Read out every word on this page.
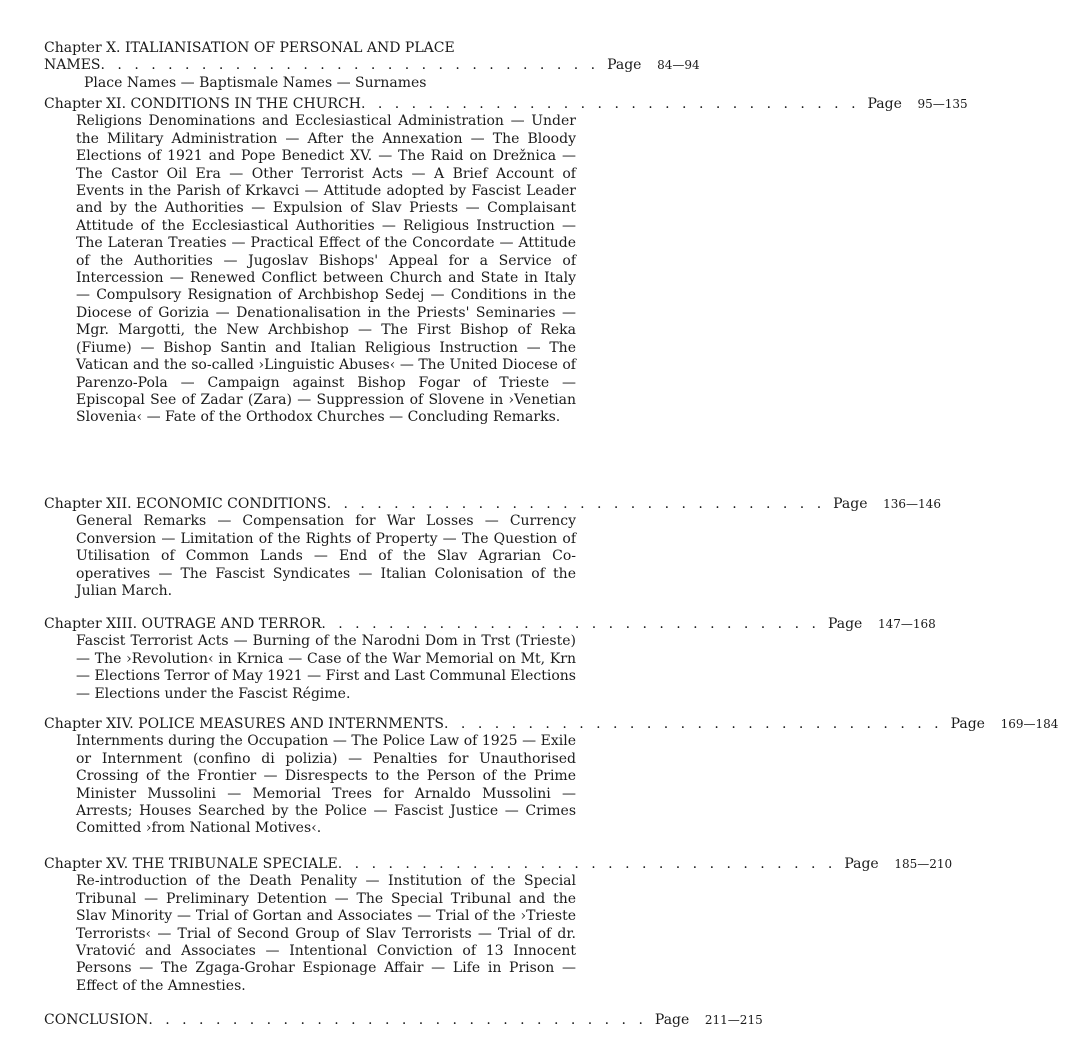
Chapter X. ITALIANISATION OF PERSONAL AND PLACE
NAMES . . . . . . . . . . . . . . . . . . . . . . . . . . . . . . Page 84—94
Place Names — Baptismale Names — Surnames
Chapter XI. CONDITIONS IN THE CHURCH . . . . . . . . . . . . . . . . . . . . . . . . . . . . . . Page 95—135
Religions Denominations and Ecclesiastical Administration — Under the Military Administration — After the Annexation — The Bloody Elections of 1921 and Pope Benedict XV. — The Raid on Drežnica — The Castor Oil Era — Other Terrorist Acts — A Brief Account of Events in the Parish of Krkavci — Attitude adopted by Fascist Leader and by the Authorities — Expulsion of Slav Priests — Complaisant Attitude of the Ecclesiastical Authorities — Religious Instruction — The Lateran Treaties — Practical Effect of the Concordate — Attitude of the Authorities — Jugoslav Bishops' Appeal for a Service of Intercession — Renewed Conflict between Church and State in Italy — Compulsory Resignation of Archbishop Sedej — Conditions in the Diocese of Gorizia — Denationalisation in the Priests' Seminaries — Mgr. Margotti, the New Archbishop — The First Bishop of Reka (Fiume) — Bishop Santin and Italian Religious Instruction — The Vatican and the so-called ›Linguistic Abuses‹ — The United Diocese of Parenzo-Pola — Campaign against Bishop Fogar of Trieste — Episcopal See of Zadar (Zara) — Suppression of Slovene in ›Venetian Slovenia‹ — Fate of the Orthodox Churches — Concluding Remarks.
Chapter XII. ECONOMIC CONDITIONS . . . . . . . . . . . . . . . . . . . . . . . . . . . . . . Page 136—146
General Remarks — Compensation for War Losses — Currency Conversion — Limitation of the Rights of Property — The Question of Utilisation of Common Lands — End of the Slav Agrarian Co-operatives — The Fascist Syndicates — Italian Colonisation of the Julian March.
Chapter XIII. OUTRAGE AND TERROR . . . . . . . . . . . . . . . . . . . . . . . . . . . . . . Page 147—168
Fascist Terrorist Acts — Burning of the Narodni Dom in Trst (Trieste) — The ›Revolution‹ in Krnica — Case of the War Memorial on Mt, Krn — Elections Terror of May 1921 — First and Last Communal Elections — Elections under the Fascist Régime.
Chapter XIV. POLICE MEASURES AND INTERNMENTS . . . . . . . . . . . . . . . . . . . . . . . . . . . . . . Page 169—184
Internments during the Occupation — The Police Law of 1925 — Exile or Internment (confino di polizia) — Penalties for Unauthorised Crossing of the Frontier — Disrespects to the Person of the Prime Minister Mussolini — Memorial Trees for Arnaldo Mussolini — Arrests; Houses Searched by the Police — Fascist Justice — Crimes Comitted ›from National Motives‹.
Chapter XV. THE TRIBUNALE SPECIALE . . . . . . . . . . . . . . . . . . . . . . . . . . . . . . Page 185—210
Re-introduction of the Death Penality — Institution of the Special Tribunal — Preliminary Detention — The Special Tribunal and the Slav Minority — Trial of Gortan and Associates — Trial of the ›Trieste Terrorists‹ — Trial of Second Group of Slav Terrorists — Trial of dr. Vratović and Associates — Intentional Conviction of 13 Innocent Persons — The Zgaga-Grohar Espionage Affair — Life in Prison — Effect of the Amnesties.
CONCLUSION . . . . . . . . . . . . . . . . . . . . . . . . . . . . . . Page 211—215
